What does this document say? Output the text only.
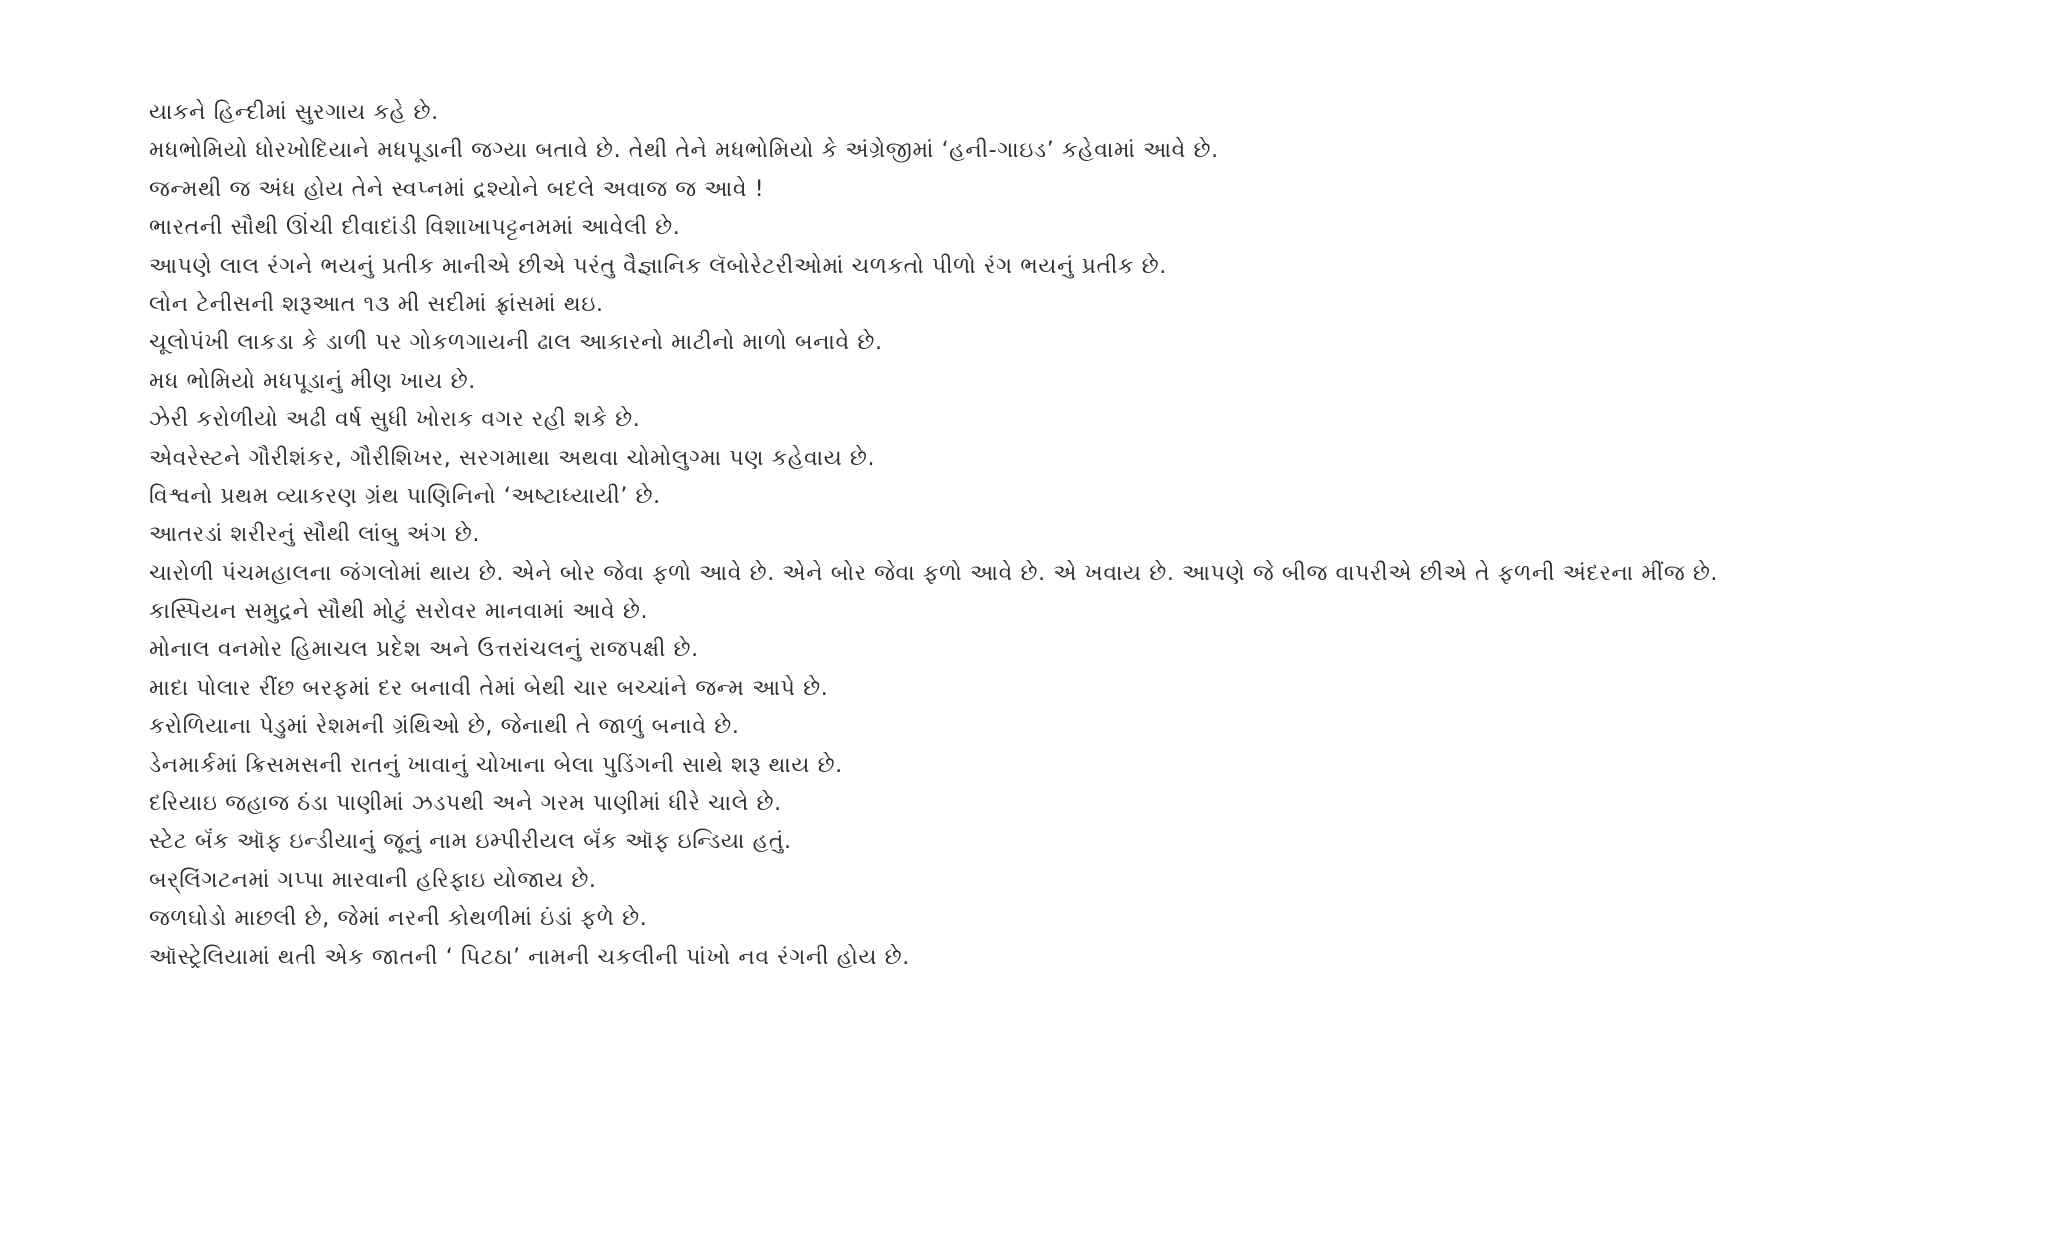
યાકને હિન્દીમાં સુરગાય કહે છે.
મધભોમિયો ધોરખોદિયાને મધપૂડાની જગ્યા બતાવે છે. તેથી તેને મધભોમિયો કે અંગ્રેજીમાં ‘હની-ગાઇડ’ કહેવામાં આવે છે.
જન્મથી જ અંધ હોય તેને સ્વપ્નમાં દ્રશ્યોને બદલે અવાજ જ આવે !
ભારતની સૌથી ઊંચી દીવાદાંડી વિશાખાપટ્ટનમમાં આવેલી છે.
આપણે લાલ રંગને ભયનું પ્રતીક માનીએ છીએ પરંતુ વૈજ્ઞાનિક લૅબોરેટરીઓમાં ચળકતો પીળો રંગ ભયનું પ્રતીક છે.
લોન ટેનીસની શરૂઆત ૧૩ મી સદીમાં ફ્રાંસમાં થઇ.
ચૂલોપંખી લાકડા કે ડાળી પર ગોકળગાયની ઢાલ આકારનો માટીનો માળો બનાવે છે.
મધ ભોમિયો મધપૂડાનું મીણ ખાય છે.
ઝેરી કરોળીયો અઢી વર્ષ સુધી ખોરાક વગર રહી શકે છે.
એવરેસ્ટને ગૌરીશંકર, ગૌરીશિખર, સરગમાથા અથવા ચોમોલુગ્મા પણ કહેવાય છે.
વિશ્વનો પ્રથમ વ્યાકરણ ગ્રંથ પાણિનિનો ‘અષ્ટાધ્યાયી’ છે.
આતરડાં શરીરનું સૌથી લાંબુ અંગ છે.
ચારોળી પંચમહાલના જંગલોમાં થાય છે. એને બોર જેવા ફળો આવે છે. એને બોર જેવા ફળો આવે છે. એ ખવાય છે. આપણે જે બીજ વાપરીએ છીએ તે ફળની અંદરના મીંજ છે.
કાસ્પિયન સમુદ્રને સૌથી મોટું સરોવર માનવામાં આવે છે.
મોનાલ વનમોર હિમાચલ પ્રદેશ અને ઉત્તરાંચલનું રાજપક્ષી છે.
માદા પોલાર રીંછ બરફમાં દર બનાવી તેમાં બેથી ચાર બચ્ચાંને જન્મ આપે છે.
કરોળિયાના પેડુમાં રેશમની ગ્રંથિઓ છે, જેનાથી તે જાળું બનાવે છે.
ડેનમાર્કમાં ક્રિસમસની રાતનું ખાવાનું ચોખાના બેલા પુડિંગની સાથે શરૂ થાય છે.
દરિયાઇ જહાજ ઠંડા પાણીમાં ઝડપથી અને ગરમ પાણીમાં ધીરે ચાલે છે.
સ્ટેટ બૅંક ઑફ ઇન્ડીયાનું જૂનું નામ ઇમ્પીરીયલ બૅંક ઑફ ઇન્ડિયા હતું.
બર્‌લિંગટનમાં ગપ્પા મારવાની હરિફાઇ યોજાય છે.
જળઘોડો માછલી છે, જેમાં નરની કોથળીમાં ઇંડાં ફળે છે.
ઑસ્ટ્રેલિયામાં થતી એક જાતની ‘ પિટઠા’ નામની ચકલીની પાંખો નવ રંગની હોય છે.
